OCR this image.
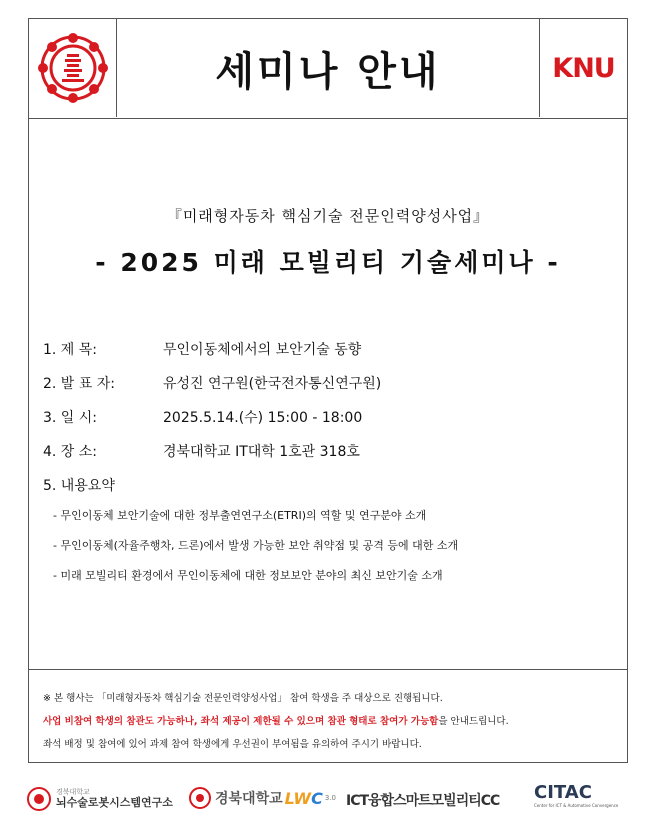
세미나 안내	KNU
『미래형자동차 핵심기술 전문인력양성사업』
- 2025 미래 모빌리티 기술세미나 -
1. 제 목:	무인이동체에서의 보안기술 동향
2. 발 표 자:	유성진 연구원(한국전자통신연구원)
3. 일 시:	2025.5.14.(수) 15:00 - 18:00
4. 장 소:	경북대학교 IT대학 1호관 318호
5. 내용요약
- 무인이동체 보안기술에 대한 정부출연연구소(ETRI)의 역할 및 연구분야 소개
- 무인이동체(자율주행차, 드론)에서 발생 가능한 보안 취약점 및 공격 등에 대한 소개
- 미래 모빌리티 환경에서 무인이동체에 대한 정보보안 분야의 최신 보안기술 소개
※ 본 행사는 「미래형자동차 핵심기술 전문인력양성사업」 참여 학생을 주 대상으로 진행됩니다.
사업 비참여 학생의 참관도 가능하나, 좌석 제공이 제한될 수 있으며 참관 형태로 참여가 가능함을 안내드립니다.
좌석 배정 및 참여에 있어 과제 참여 학생에게 우선권이 부여됨을 유의하여 주시기 바랍니다.
경북대학교
뇌수술로봇시스템연구소	경북대학교 LW C 3.0 ICT융합스마트모빌리티CC CITAC
Center for ICT & Automotive Convergence
